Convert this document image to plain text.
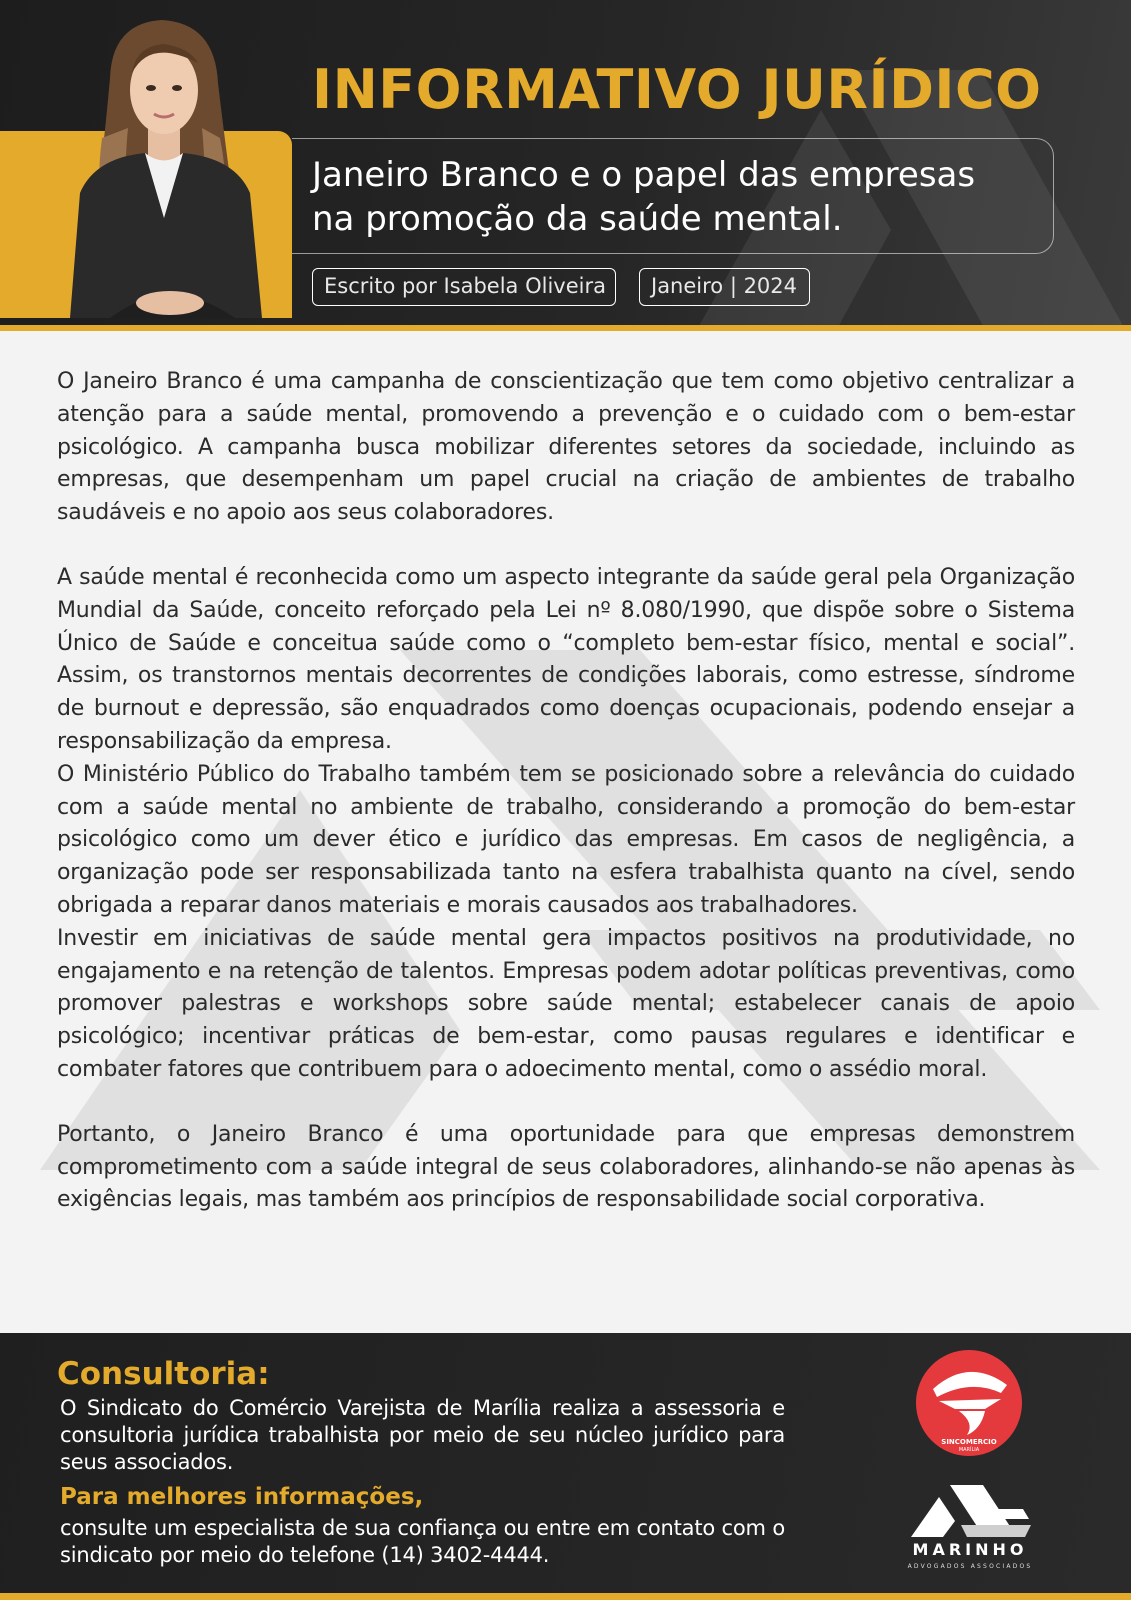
INFORMATIVO JURÍDICO
Janeiro Branco e o papel das empresas
na promoção da saúde mental.
Escrito por Isabela Oliveira	Janeiro | 2024

O Janeiro Branco é uma campanha de conscientização que tem como objetivo centralizar a atenção para a saúde mental, promovendo a prevenção e o cuidado com o bem-estar psicológico. A campanha busca mobilizar diferentes setores da sociedade, incluindo as empresas, que desempenham um papel crucial na criação de ambientes de trabalho saudáveis e no apoio aos seus colaboradores.

A saúde mental é reconhecida como um aspecto integrante da saúde geral pela Organização Mundial da Saúde, conceito reforçado pela Lei nº 8.080/1990, que dispõe sobre o Sistema Único de Saúde e conceitua saúde como o “completo bem-estar físico, mental e social”. Assim, os transtornos mentais decorrentes de condições laborais, como estresse, síndrome de burnout e depressão, são enquadrados como doenças ocupacionais, podendo ensejar a responsabilização da empresa.

O Ministério Público do Trabalho também tem se posicionado sobre a relevância do cuidado com a saúde mental no ambiente de trabalho, considerando a promoção do bem-estar psicológico como um dever ético e jurídico das empresas. Em casos de negligência, a organização pode ser responsabilizada tanto na esfera trabalhista quanto na cível, sendo obrigada a reparar danos materiais e morais causados aos trabalhadores.

Investir em iniciativas de saúde mental gera impactos positivos na produtividade, no engajamento e na retenção de talentos. Empresas podem adotar políticas preventivas, como promover palestras e workshops sobre saúde mental; estabelecer canais de apoio psicológico; incentivar práticas de bem-estar, como pausas regulares e identificar e combater fatores que contribuem para o adoecimento mental, como o assédio moral.

Portanto, o Janeiro Branco é uma oportunidade para que empresas demonstrem comprometimento com a saúde integral de seus colaboradores, alinhando-se não apenas às exigências legais, mas também aos princípios de responsabilidade social corporativa.

Consultoria:
O Sindicato do Comércio Varejista de Marília realiza a assessoria e consultoria jurídica trabalhista por meio de seu núcleo jurídico para seus associados.
Para melhores informações,
consulte um especialista de sua confiança ou entre em contato com o sindicato por meio do telefone (14) 3402-4444.
SINCOMERCIO
MARÍLIA
MARINHO
ADVOGADOS ASSOCIADOS
